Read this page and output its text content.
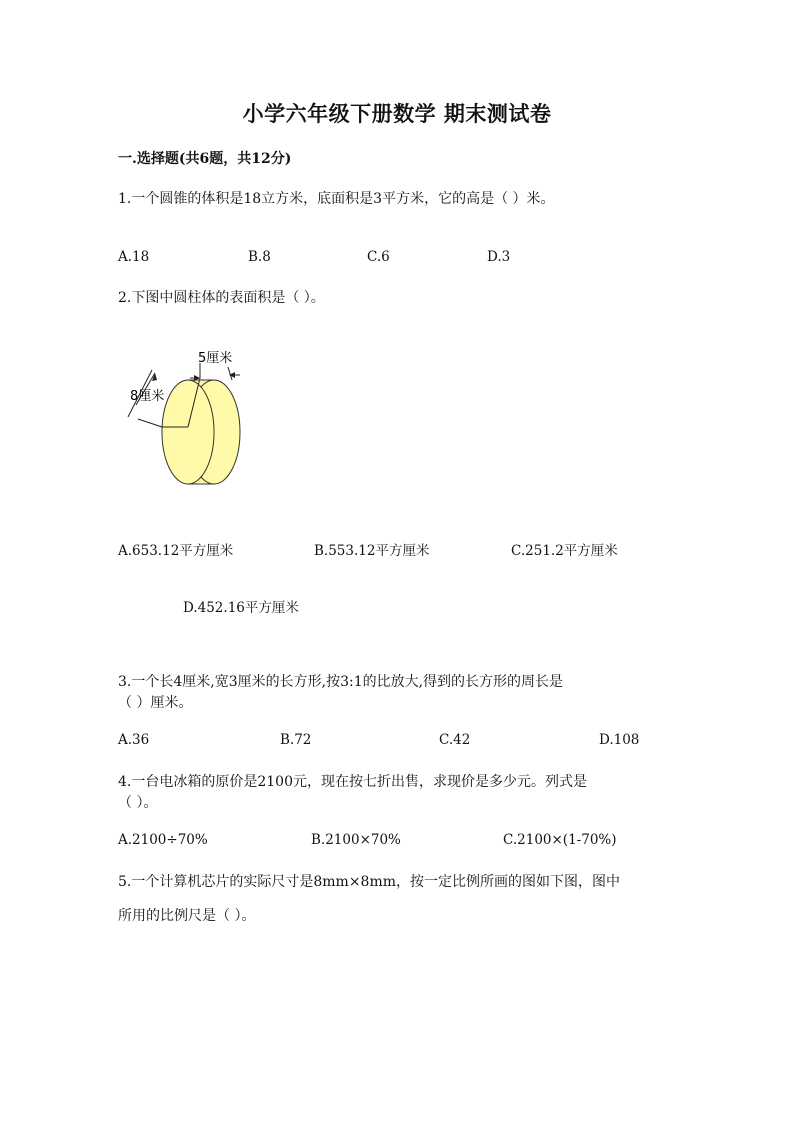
小学六年级下册数学 期末测试卷
一.选择题(共6题，共12分)
1.一个圆锥的体积是18立方米，底面积是3平方米，它的高是（ ）米。
A.18	B.8	C.6	D.3
2.下图中圆柱体的表面积是（ ）。
5厘米
8厘米
A.653.12平方厘米	B.553.12平方厘米	C.251.2平方厘米
D.452.16平方厘米
3.一个长4厘米,宽3厘米的长方形,按3:1的比放大,得到的长方形的周长是
（ ）厘米。
A.36	B.72	C.42	D.108
4.一台电冰箱的原价是2100元，现在按七折出售，求现价是多少元。列式是
（ ）。
A.2100÷70%	B.2100×70%	C.2100×(1-70%)
5.一个计算机芯片的实际尺寸是8mm×8mm，按一定比例所画的图如下图，图中
所用的比例尺是（ ）。
